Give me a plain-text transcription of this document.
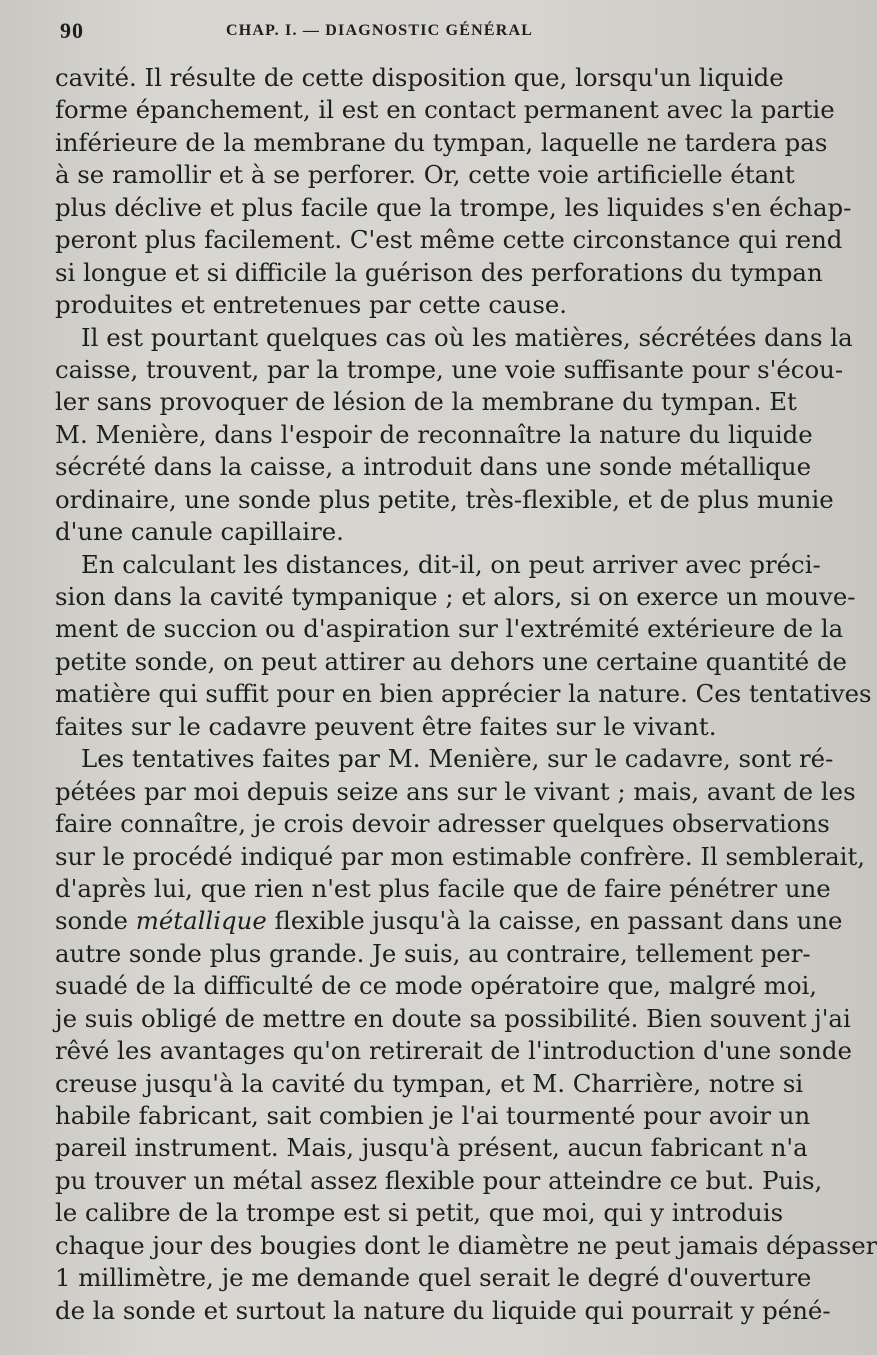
90	CHAP. I. — DIAGNOSTIC GÉNÉRAL
cavité. Il résulte de cette disposition que, lorsqu'un liquide
forme épanchement, il est en contact permanent avec la partie
inférieure de la membrane du tympan, laquelle ne tardera pas
à se ramollir et à se perforer. Or, cette voie artificielle étant
plus déclive et plus facile que la trompe, les liquides s'en échap-
peront plus facilement. C'est même cette circonstance qui rend
si longue et si difficile la guérison des perforations du tympan
produites et entretenues par cette cause.
Il est pourtant quelques cas où les matières, sécrétées dans la
caisse, trouvent, par la trompe, une voie suffisante pour s'écou-
ler sans provoquer de lésion de la membrane du tympan. Et
M. Menière, dans l'espoir de reconnaître la nature du liquide
sécrété dans la caisse, a introduit dans une sonde métallique
ordinaire, une sonde plus petite, très-flexible, et de plus munie
d'une canule capillaire.
En calculant les distances, dit-il, on peut arriver avec préci-
sion dans la cavité tympanique ; et alors, si on exerce un mouve-
ment de succion ou d'aspiration sur l'extrémité extérieure de la
petite sonde, on peut attirer au dehors une certaine quantité de
matière qui suffit pour en bien apprécier la nature. Ces tentatives
faites sur le cadavre peuvent être faites sur le vivant.
Les tentatives faites par M. Menière, sur le cadavre, sont ré-
pétées par moi depuis seize ans sur le vivant ; mais, avant de les
faire connaître, je crois devoir adresser quelques observations
sur le procédé indiqué par mon estimable confrère. Il semblerait,
d'après lui, que rien n'est plus facile que de faire pénétrer une
sonde métallique flexible jusqu'à la caisse, en passant dans une
autre sonde plus grande. Je suis, au contraire, tellement per-
suadé de la difficulté de ce mode opératoire que, malgré moi,
je suis obligé de mettre en doute sa possibilité. Bien souvent j'ai
rêvé les avantages qu'on retirerait de l'introduction d'une sonde
creuse jusqu'à la cavité du tympan, et M. Charrière, notre si
habile fabricant, sait combien je l'ai tourmenté pour avoir un
pareil instrument. Mais, jusqu'à présent, aucun fabricant n'a
pu trouver un métal assez flexible pour atteindre ce but. Puis,
le calibre de la trompe est si petit, que moi, qui y introduis
chaque jour des bougies dont le diamètre ne peut jamais dépasser
1 millimètre, je me demande quel serait le degré d'ouverture
de la sonde et surtout la nature du liquide qui pourrait y péné-
